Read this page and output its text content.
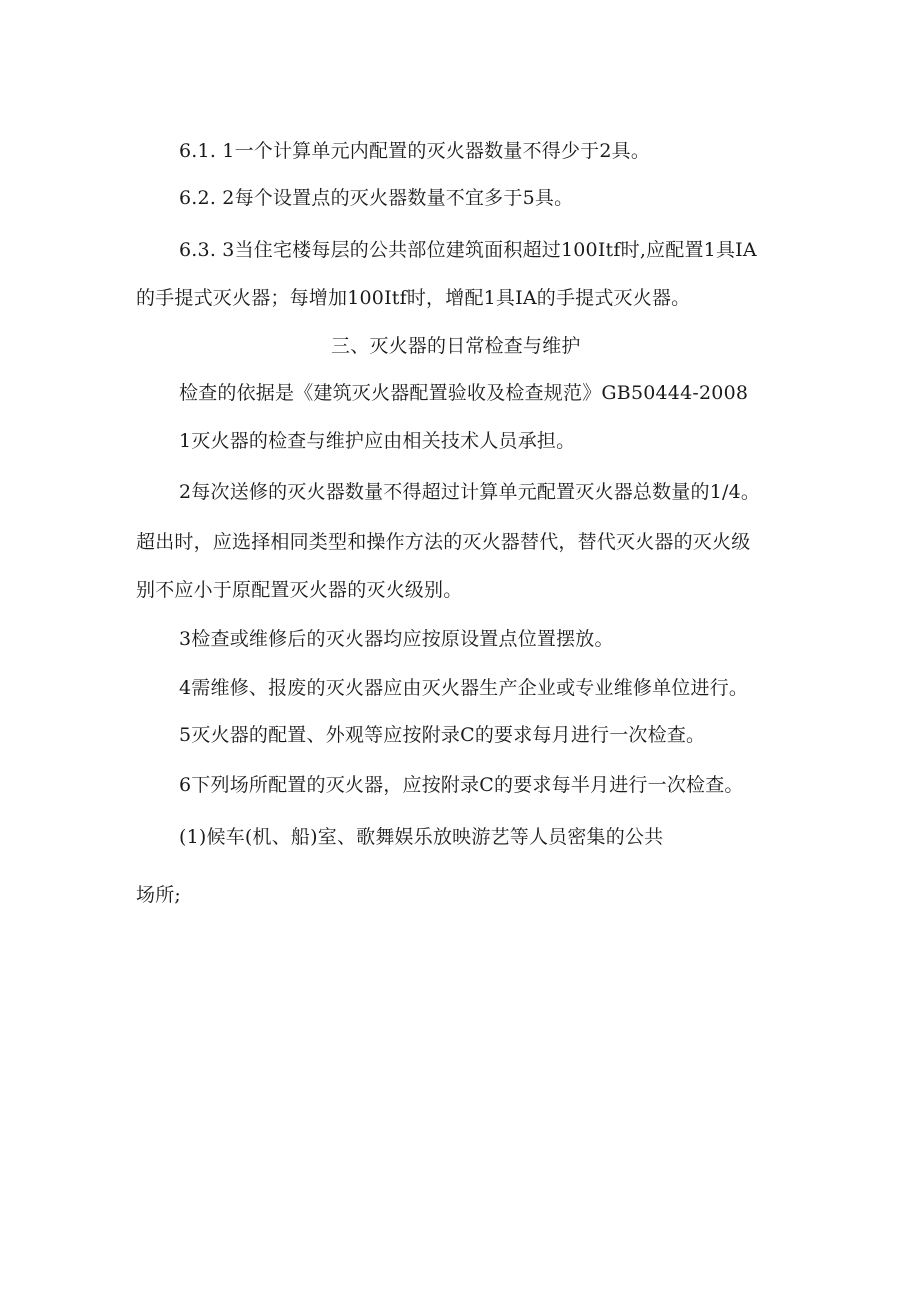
6.1. 1一个计算单元内配置的灭火器数量不得少于2具。
6.2. 2每个设置点的灭火器数量不宜多于5具。
6.3. 3当住宅楼每层的公共部位建筑面积超过100Itf时,应配置1具IA
的手提式灭火器；每增加100Itf时，增配1具IA的手提式灭火器。
三、灭火器的日常检查与维护
检查的依据是《建筑灭火器配置验收及检查规范》GB50444-2008
1灭火器的检查与维护应由相关技术人员承担。
2每次送修的灭火器数量不得超过计算单元配置灭火器总数量的1/4。
超出时，应选择相同类型和操作方法的灭火器替代，替代灭火器的灭火级
别不应小于原配置灭火器的灭火级别。
3检查或维修后的灭火器均应按原设置点位置摆放。
4需维修、报废的灭火器应由灭火器生产企业或专业维修单位进行。
5灭火器的配置、外观等应按附录C的要求每月进行一次检查。
6下列场所配置的灭火器，应按附录C的要求每半月进行一次检查。
(1)候车(机、船)室、歌舞娱乐放映游艺等人员密集的公共
场所;
